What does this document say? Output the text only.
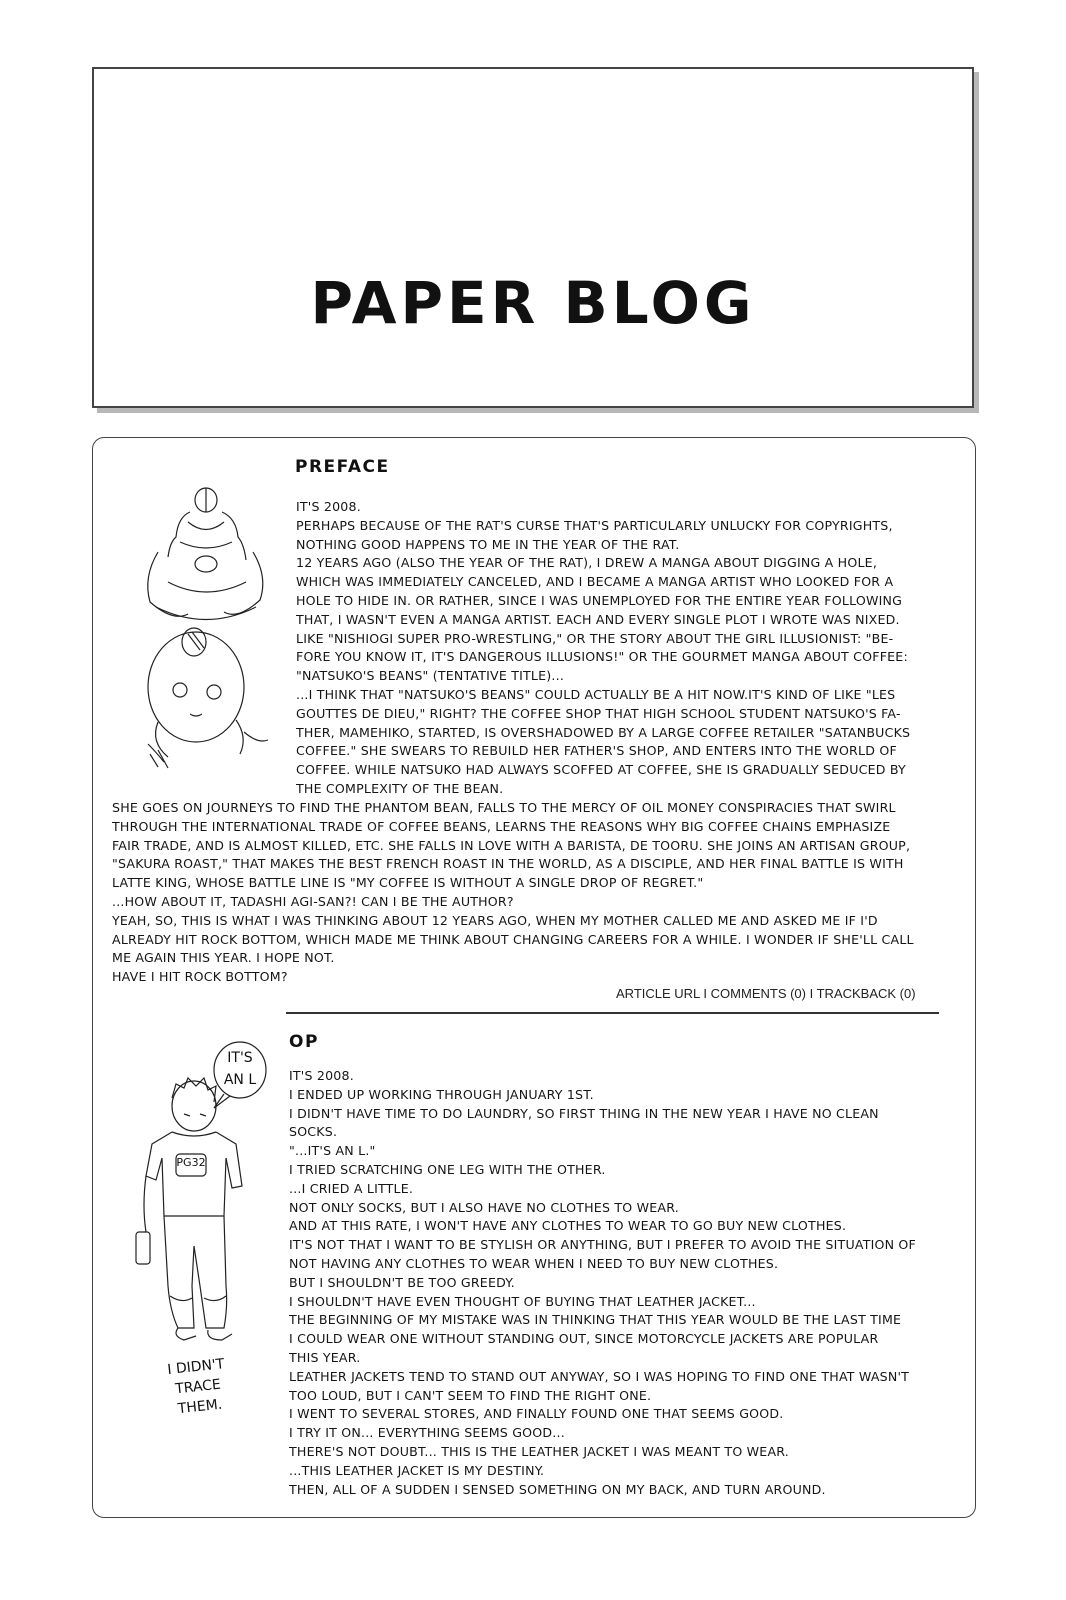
PAPER BLOG
PREFACE

IT'S 2008.

PERHAPS BECAUSE OF THE RAT'S CURSE THAT'S PARTICULARLY UNLUCKY FOR COPYRIGHTS,

NOTHING GOOD HAPPENS TO ME IN THE YEAR OF THE RAT.

12 YEARS AGO (ALSO THE YEAR OF THE RAT), I DREW A MANGA ABOUT DIGGING A HOLE,

WHICH WAS IMMEDIATELY CANCELED, AND I BECAME A MANGA ARTIST WHO LOOKED FOR A

HOLE TO HIDE IN. OR RATHER, SINCE I WAS UNEMPLOYED FOR THE ENTIRE YEAR FOLLOWING

THAT, I WASN'T EVEN A MANGA ARTIST. EACH AND EVERY SINGLE PLOT I WROTE WAS NIXED.

LIKE "NISHIOGI SUPER PRO-WRESTLING," OR THE STORY ABOUT THE GIRL ILLUSIONIST: "BE-

FORE YOU KNOW IT, IT'S DANGEROUS ILLUSIONS!" OR THE GOURMET MANGA ABOUT COFFEE:

"NATSUKO'S BEANS" (TENTATIVE TITLE)...

...I THINK THAT "NATSUKO'S BEANS" COULD ACTUALLY BE A HIT NOW.IT'S KIND OF LIKE "LES

GOUTTES DE DIEU," RIGHT? THE COFFEE SHOP THAT HIGH SCHOOL STUDENT NATSUKO'S FA-

THER, MAMEHIKO, STARTED, IS OVERSHADOWED BY A LARGE COFFEE RETAILER "SATANBUCKS

COFFEE." SHE SWEARS TO REBUILD HER FATHER'S SHOP, AND ENTERS INTO THE WORLD OF

COFFEE. WHILE NATSUKO HAD ALWAYS SCOFFED AT COFFEE, SHE IS GRADUALLY SEDUCED BY

THE COMPLEXITY OF THE BEAN.

SHE GOES ON JOURNEYS TO FIND THE PHANTOM BEAN, FALLS TO THE MERCY OF OIL MONEY CONSPIRACIES THAT SWIRL

THROUGH THE INTERNATIONAL TRADE OF COFFEE BEANS, LEARNS THE REASONS WHY BIG COFFEE CHAINS EMPHASIZE

FAIR TRADE, AND IS ALMOST KILLED, ETC. SHE FALLS IN LOVE WITH A BARISTA, DE TOORU. SHE JOINS AN ARTISAN GROUP,

"SAKURA ROAST," THAT MAKES THE BEST FRENCH ROAST IN THE WORLD, AS A DISCIPLE, AND HER FINAL BATTLE IS WITH

LATTE KING, WHOSE BATTLE LINE IS "MY COFFEE IS WITHOUT A SINGLE DROP OF REGRET."

...HOW ABOUT IT, TADASHI AGI-SAN?! CAN I BE THE AUTHOR?

YEAH, SO, THIS IS WHAT I WAS THINKING ABOUT 12 YEARS AGO, WHEN MY MOTHER CALLED ME AND ASKED ME IF I'D

ALREADY HIT ROCK BOTTOM, WHICH MADE ME THINK ABOUT CHANGING CAREERS FOR A WHILE. I WONDER IF SHE'LL CALL

ME AGAIN THIS YEAR. I HOPE NOT.

HAVE I HIT ROCK BOTTOM?

ARTICLE URL I COMMENTS (0) I TRACKBACK (0)
OP
IT'S
AN L
PG32
I DIDN'T
TRACE
THEM.

IT'S 2008.

I ENDED UP WORKING THROUGH JANUARY 1ST.

I DIDN'T HAVE TIME TO DO LAUNDRY, SO FIRST THING IN THE NEW YEAR I HAVE NO CLEAN

SOCKS.

"...IT'S AN L."

I TRIED SCRATCHING ONE LEG WITH THE OTHER.

...I CRIED A LITTLE.

NOT ONLY SOCKS, BUT I ALSO HAVE NO CLOTHES TO WEAR.

AND AT THIS RATE, I WON'T HAVE ANY CLOTHES TO WEAR TO GO BUY NEW CLOTHES.

IT'S NOT THAT I WANT TO BE STYLISH OR ANYTHING, BUT I PREFER TO AVOID THE SITUATION OF

NOT HAVING ANY CLOTHES TO WEAR WHEN I NEED TO BUY NEW CLOTHES.

BUT I SHOULDN'T BE TOO GREEDY.

I SHOULDN'T HAVE EVEN THOUGHT OF BUYING THAT LEATHER JACKET...

THE BEGINNING OF MY MISTAKE WAS IN THINKING THAT THIS YEAR WOULD BE THE LAST TIME

I COULD WEAR ONE WITHOUT STANDING OUT, SINCE MOTORCYCLE JACKETS ARE POPULAR

THIS YEAR.

LEATHER JACKETS TEND TO STAND OUT ANYWAY, SO I WAS HOPING TO FIND ONE THAT WASN'T

TOO LOUD, BUT I CAN'T SEEM TO FIND THE RIGHT ONE.

I WENT TO SEVERAL STORES, AND FINALLY FOUND ONE THAT SEEMS GOOD.

I TRY IT ON... EVERYTHING SEEMS GOOD...

THERE'S NOT DOUBT... THIS IS THE LEATHER JACKET I WAS MEANT TO WEAR.

...THIS LEATHER JACKET IS MY DESTINY.

THEN, ALL OF A SUDDEN I SENSED SOMETHING ON MY BACK, AND TURN AROUND.
